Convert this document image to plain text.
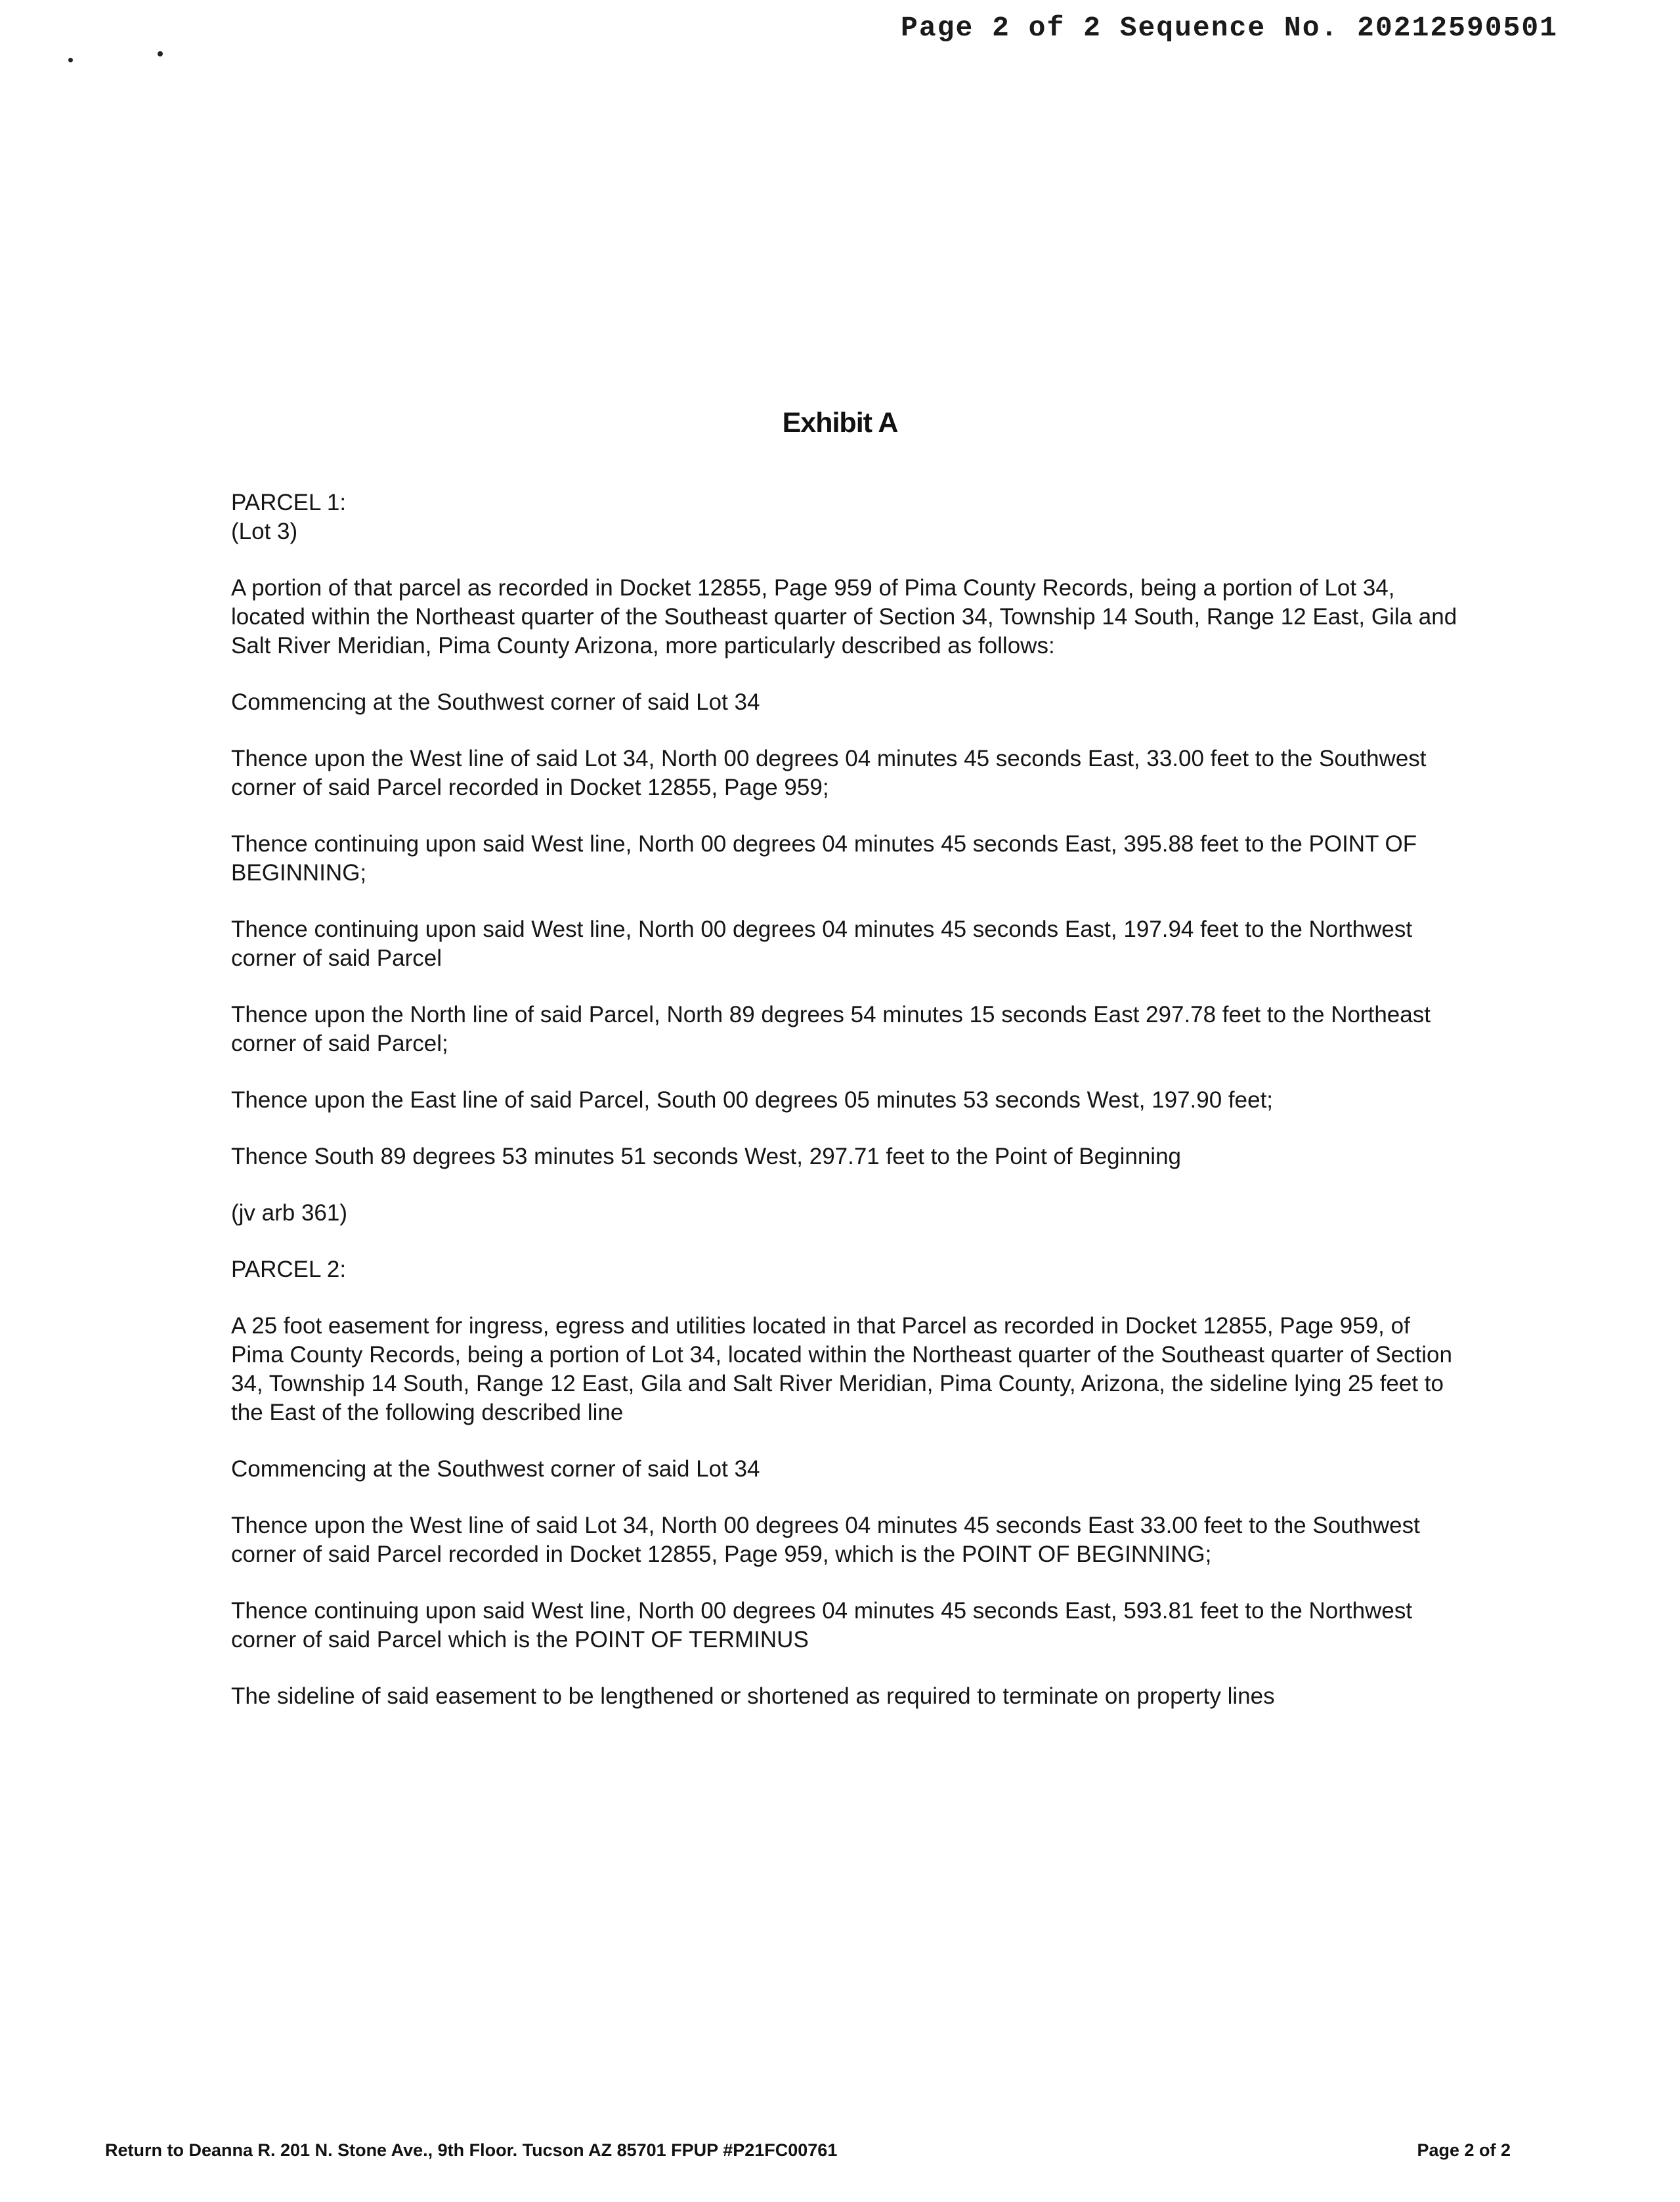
Page 2 of 2 Sequence No. 20212590501
Exhibit A

PARCEL 1:

(Lot 3)

A portion of that parcel as recorded in Docket 12855, Page 959 of Pima County Records, being a portion of Lot 34, located within the Northeast quarter of the Southeast quarter of Section 34, Township 14 South, Range 12 East, Gila and Salt River Meridian, Pima County Arizona, more particularly described as follows:

Commencing at the Southwest corner of said Lot 34

Thence upon the West line of said Lot 34, North 00 degrees 04 minutes 45 seconds East, 33.00 feet to the Southwest corner of said Parcel recorded in Docket 12855, Page 959;

Thence continuing upon said West line, North 00 degrees 04 minutes 45 seconds East, 395.88 feet to the POINT OF BEGINNING;

Thence continuing upon said West line, North 00 degrees 04 minutes 45 seconds East, 197.94 feet to the Northwest corner of said Parcel

Thence upon the North line of said Parcel, North 89 degrees 54 minutes 15 seconds East 297.78 feet to the Northeast corner of said Parcel;

Thence upon the East line of said Parcel, South 00 degrees 05 minutes 53 seconds West, 197.90 feet;

Thence South 89 degrees 53 minutes 51 seconds West, 297.71 feet to the Point of Beginning

(jv arb 361)

PARCEL 2:

A 25 foot easement for ingress, egress and utilities located in that Parcel as recorded in Docket 12855, Page 959, of Pima County Records, being a portion of Lot 34, located within the Northeast quarter of the Southeast quarter of Section 34, Township 14 South, Range 12 East, Gila and Salt River Meridian, Pima County, Arizona, the sideline lying 25 feet to the East of the following described line

Commencing at the Southwest corner of said Lot 34

Thence upon the West line of said Lot 34, North 00 degrees 04 minutes 45 seconds East 33.00 feet to the Southwest corner of said Parcel recorded in Docket 12855, Page 959, which is the POINT OF BEGINNING;

Thence continuing upon said West line, North 00 degrees 04 minutes 45 seconds East, 593.81 feet to the Northwest corner of said Parcel which is the POINT OF TERMINUS

The sideline of said easement to be lengthened or shortened as required to terminate on property lines

Return to Deanna R. 201 N. Stone Ave., 9th Floor. Tucson AZ 85701 FPUP #P21FC00761	Page 2 of 2
